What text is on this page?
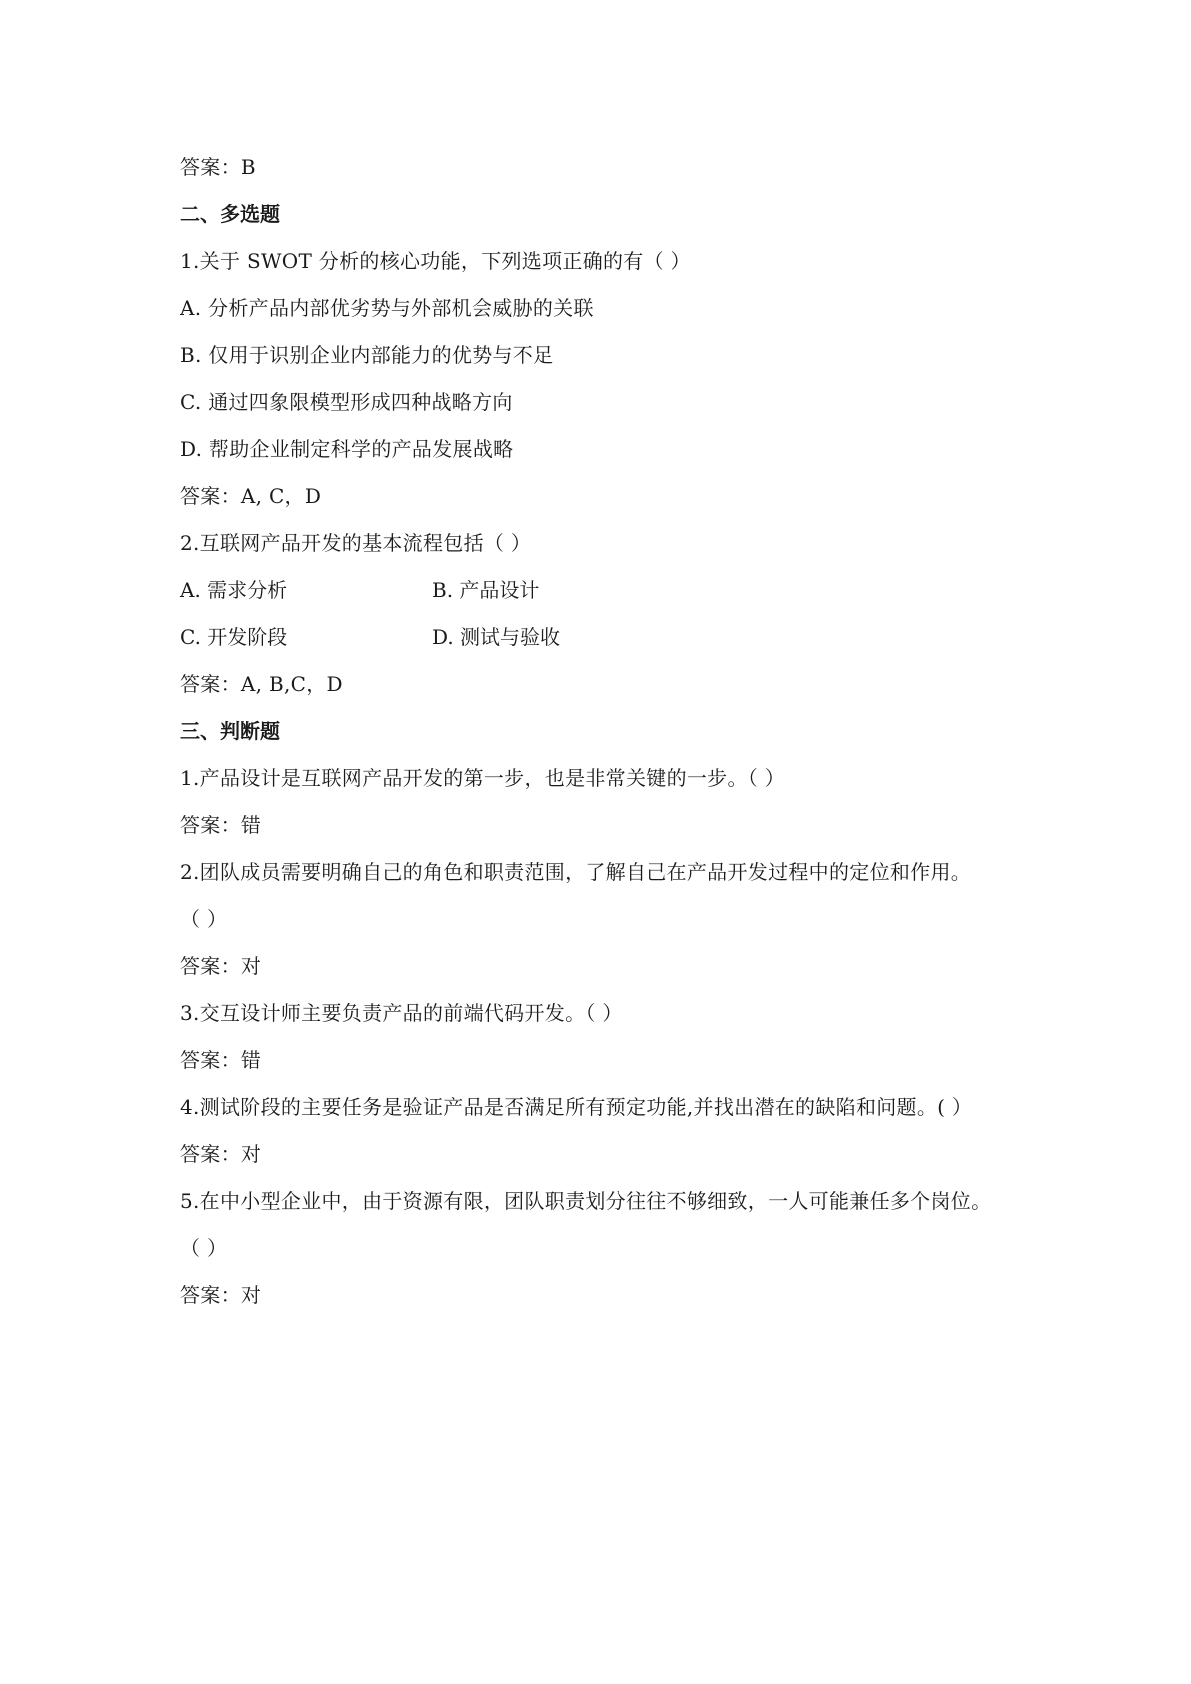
答案：B
二、多选题
1.关于 SWOT 分析的核心功能，下列选项正确的有（ ）
A. 分析产品内部优劣势与外部机会威胁的关联
B. 仅用于识别企业内部能力的优势与不足
C. 通过四象限模型形成四种战略方向
D. 帮助企业制定科学的产品发展战略
答案：A, C，D
2.互联网产品开发的基本流程包括（ ）
A. 需求分析	B. 产品设计
C. 开发阶段	D. 测试与验收
答案：A, B,C，D
三、判断题
1.产品设计是互联网产品开发的第一步，也是非常关键的一步。（ ）
答案：错
2.团队成员需要明确自己的角色和职责范围，了解自己在产品开发过程中的定位和作用。
（ ）
答案：对
3.交互设计师主要负责产品的前端代码开发。（ ）
答案：错
4.测试阶段的主要任务是验证产品是否满足所有预定功能,并找出潜在的缺陷和问题。( ）
答案：对
5.在中小型企业中，由于资源有限，团队职责划分往往不够细致，一人可能兼任多个岗位。
（ ）
答案：对
